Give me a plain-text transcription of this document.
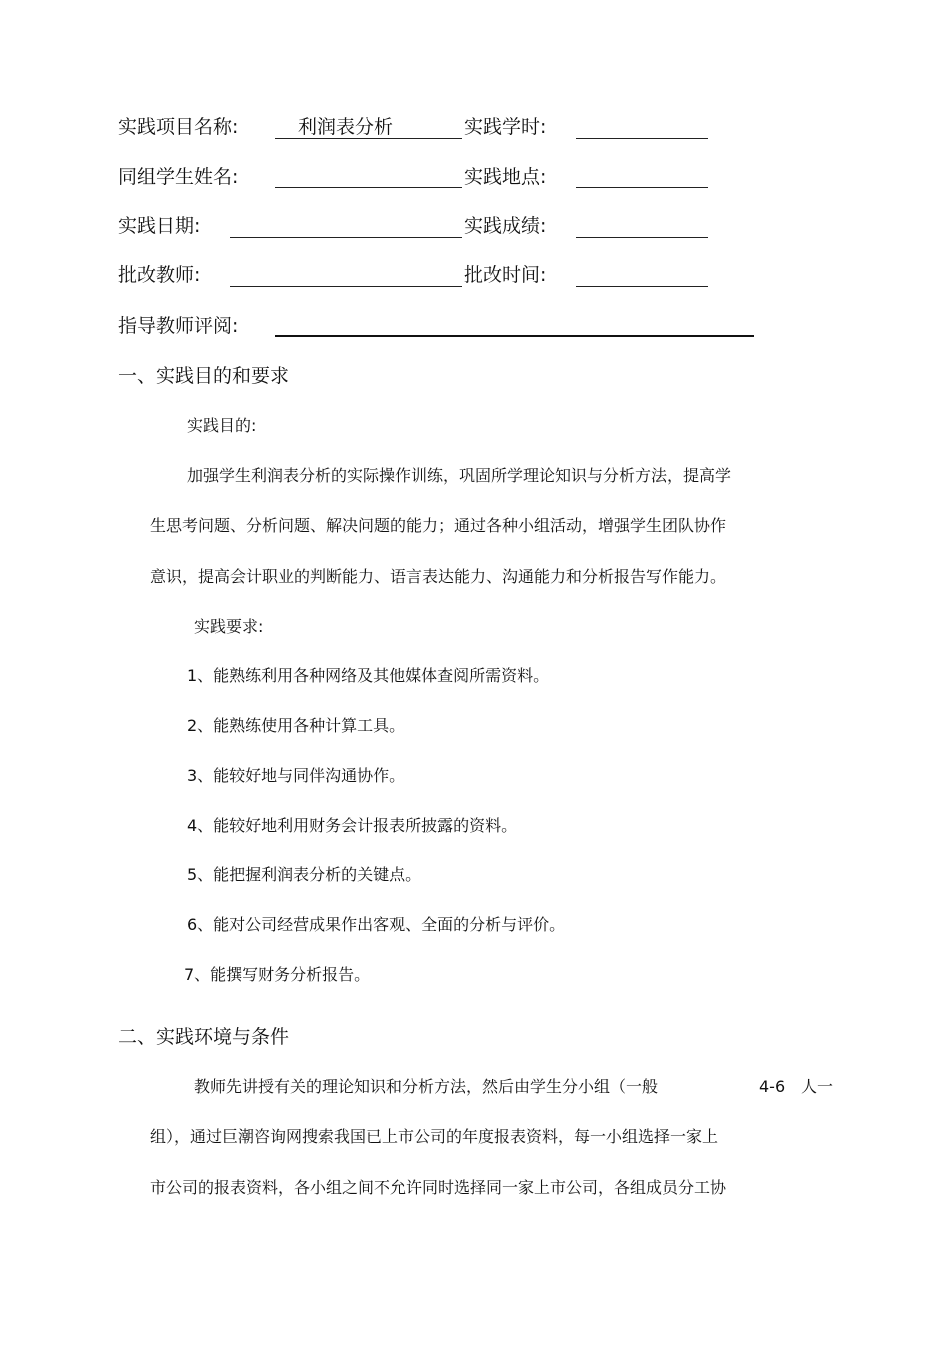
实践项目名称:	利润表分析	实践学时:
同组学生姓名:	实践地点:
实践日期:	实践成绩:
批改教师:	批改时间:
指导教师评阅:
一、实践目的和要求
实践目的:
加强学生利润表分析的实际操作训练，巩固所学理论知识与分析方法，提高学
生思考问题、分析问题、解决问题的能力；通过各种小组活动，增强学生团队协作
意识，提高会计职业的判断能力、语言表达能力、沟通能力和分析报告写作能力。
实践要求:
1、能熟练利用各种网络及其他媒体查阅所需资料。
2、能熟练使用各种计算工具。
3、能较好地与同伴沟通协作。
4、能较好地利用财务会计报表所披露的资料。
5、能把握利润表分析的关键点。
6、能对公司经营成果作出客观、全面的分析与评价。
7、能撰写财务分析报告。
二、实践环境与条件
教师先讲授有关的理论知识和分析方法，然后由学生分小组（一般	4-6 人一
组），通过巨潮咨询网搜索我国已上市公司的年度报表资料，每一小组选择一家上
市公司的报表资料，各小组之间不允许同时选择同一家上市公司，各组成员分工协
